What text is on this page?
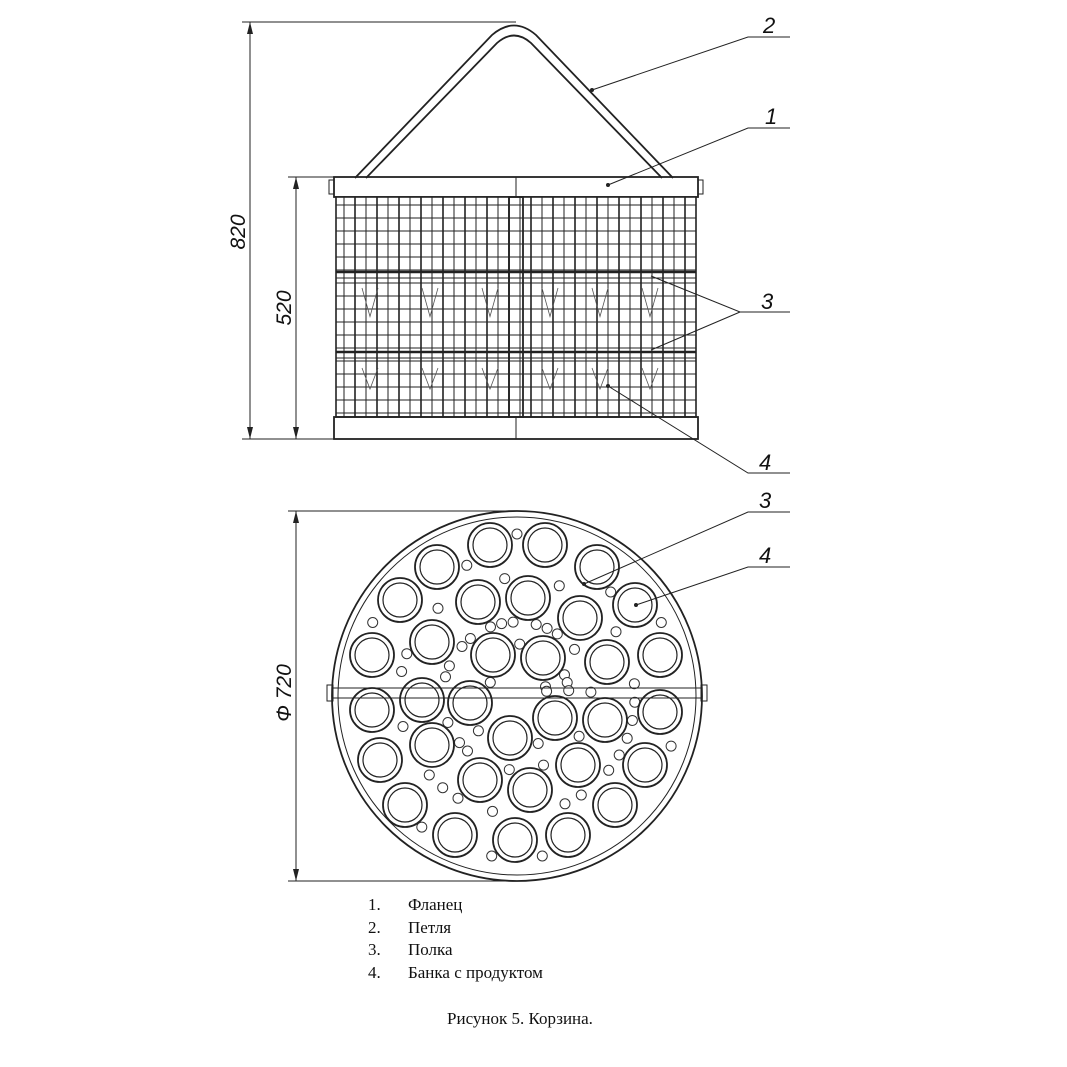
820
520
2
1
3
4
Ф 720
3
4
1.	Фланец
2.	Петля
3.	Полка
4.	Банка с продуктом
Рисунок 5. Корзина.
